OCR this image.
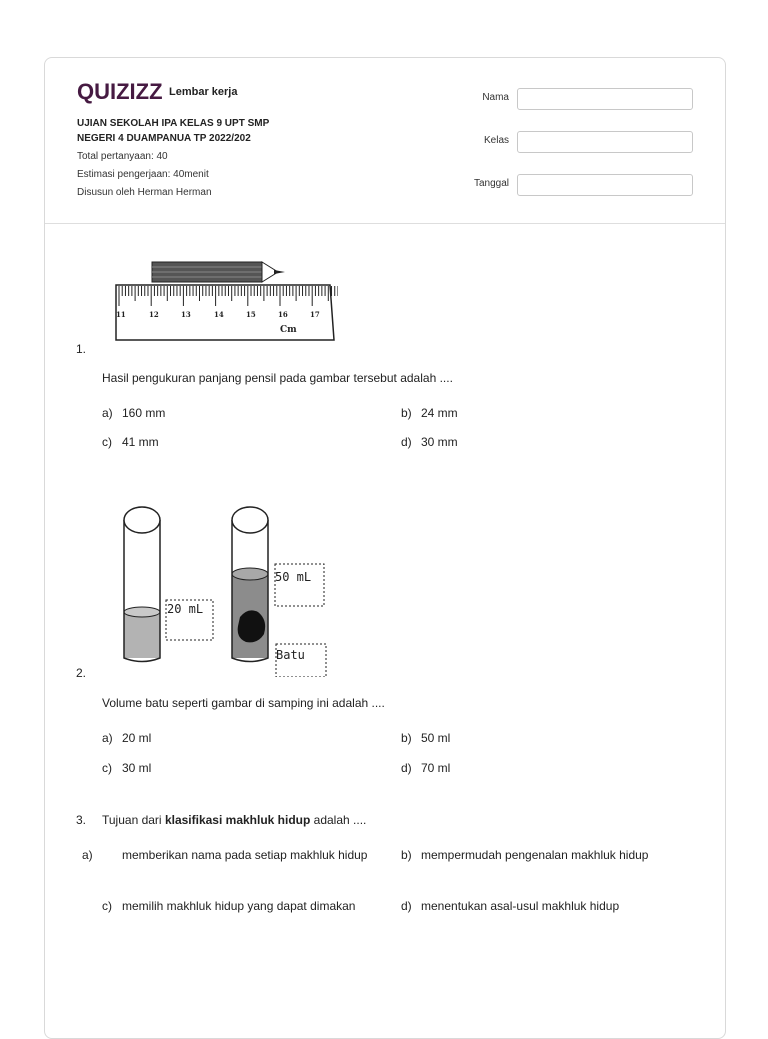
QUIZIZZ Lembar kerja
UJIAN SEKOLAH IPA KELAS 9 UPT SMP NEGERI 4 DUAMPANUA TP 2022/202
Total pertanyaan: 40
Estimasi pengerjaan: 40menit
Disusun oleh Herman Herman
Nama
Kelas
Tanggal
11	12	13	14	15	16	17
Cm
1.
Hasil pengukuran panjang pensil pada gambar tersebut adalah ....
a) 160 mm	b) 24 mm
c) 41 mm	d) 30 mm
20 mL
50 mL
Batu
2.
Volume batu seperti gambar di samping ini adalah ....
a) 20 ml	b) 50 ml
c) 30 ml	d) 70 ml
3. Tujuan dari klasifikasi makhluk hidup adalah ....
a) memberikan nama pada setiap makhluk hidup	b) mempermudah pengenalan makhluk hidup
c) memilih makhluk hidup yang dapat dimakan	d) menentukan asal-usul makhluk hidup
